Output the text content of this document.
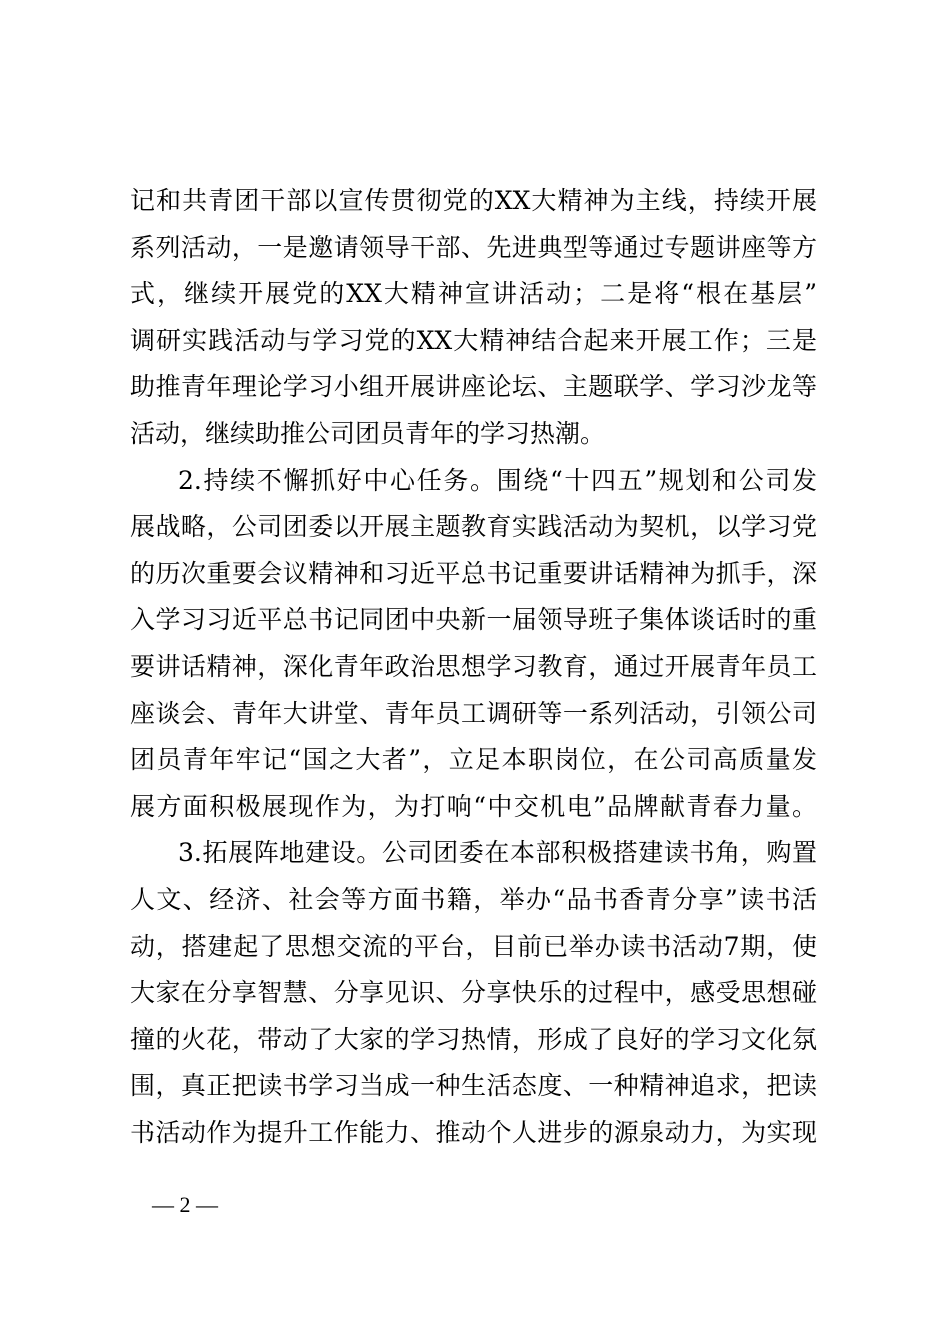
记和共青团干部以宣传贯彻党的XX大精神为主线，持续开展
系列活动，一是邀请领导干部、先进典型等通过专题讲座等方
式，继续开展党的XX大精神宣讲活动；二是将“根在基层”
调研实践活动与学习党的XX大精神结合起来开展工作；三是
助推青年理论学习小组开展讲座论坛、主题联学、学习沙龙等
活动，继续助推公司团员青年的学习热潮。
2.持续不懈抓好中心任务。围绕“十四五”规划和公司发
展战略，公司团委以开展主题教育实践活动为契机，以学习党
的历次重要会议精神和习近平总书记重要讲话精神为抓手，深
入学习习近平总书记同团中央新一届领导班子集体谈话时的重
要讲话精神，深化青年政治思想学习教育，通过开展青年员工
座谈会、青年大讲堂、青年员工调研等一系列活动，引领公司
团员青年牢记“国之大者”，立足本职岗位，在公司高质量发
展方面积极展现作为，为打响“中交机电”品牌献青春力量。
3.拓展阵地建设。公司团委在本部积极搭建读书角，购置
人文、经济、社会等方面书籍，举办“品书香青分享”读书活
动，搭建起了思想交流的平台，目前已举办读书活动7期，使
大家在分享智慧、分享见识、分享快乐的过程中，感受思想碰
撞的火花，带动了大家的学习热情，形成了良好的学习文化氛
围，真正把读书学习当成一种生活态度、一种精神追求，把读
书活动作为提升工作能力、推动个人进步的源泉动力，为实现
— 2 —
